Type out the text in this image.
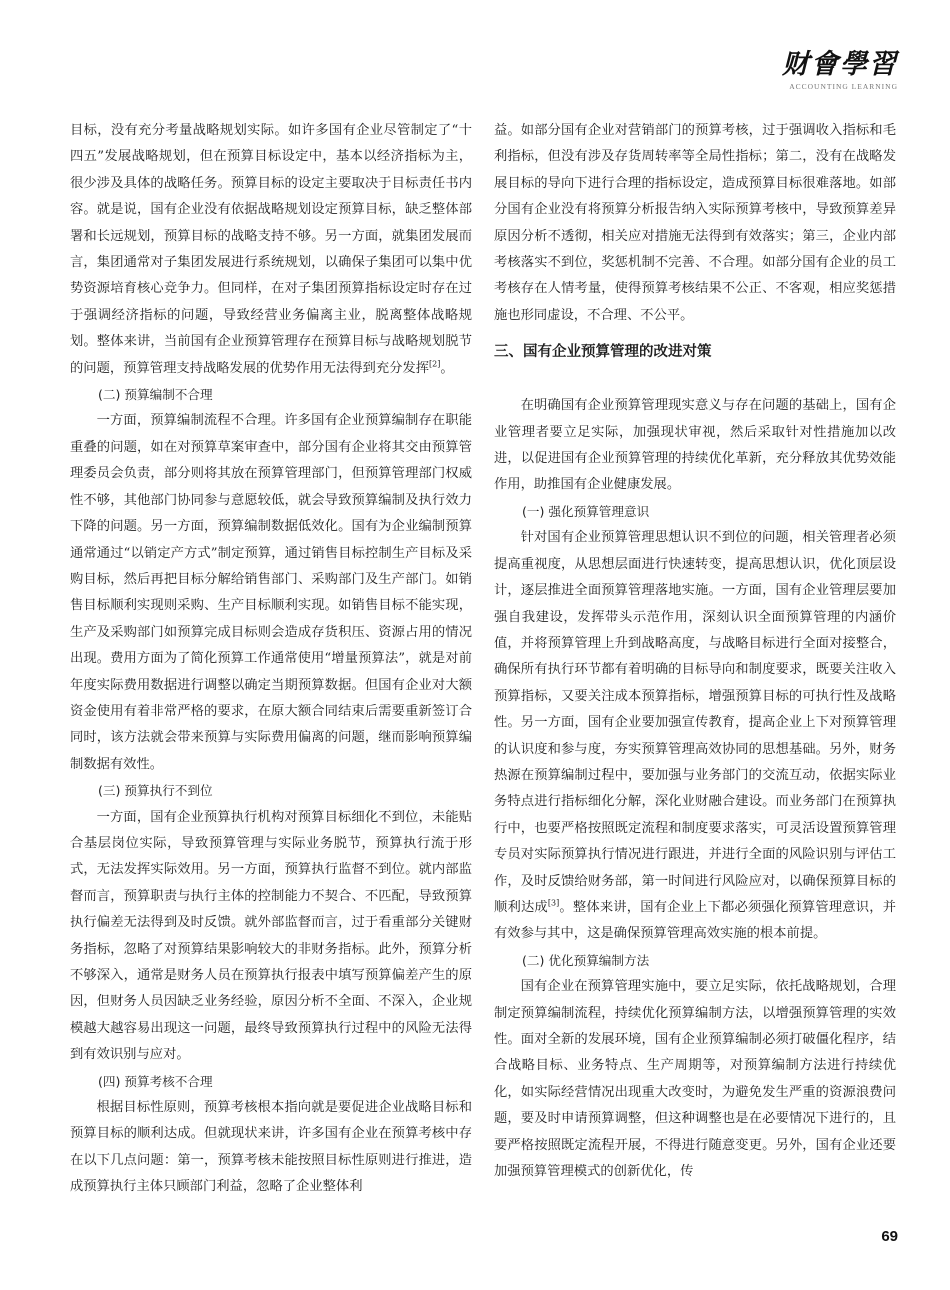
财會學習
ACCOUNTING LEARNING

目标，没有充分考量战略规划实际。如许多国有企业尽管制定了“十四五”发展战略规划，但在预算目标设定中，基本以经济指标为主，很少涉及具体的战略任务。预算目标的设定主要取决于目标责任书内容。就是说，国有企业没有依据战略规划设定预算目标，缺乏整体部署和长远规划，预算目标的战略支持不够。另一方面，就集团发展而言，集团通常对子集团发展进行系统规划，以确保子集团可以集中优势资源培育核心竞争力。但同样，在对子集团预算指标设定时存在过于强调经济指标的问题，导致经营业务偏离主业，脱离整体战略规划。整体来讲，当前国有企业预算管理存在预算目标与战略规划脱节的问题，预算管理支持战略发展的优势作用无法得到充分发挥[2]。

(二) 预算编制不合理

一方面，预算编制流程不合理。许多国有企业预算编制存在职能重叠的问题，如在对预算草案审查中，部分国有企业将其交由预算管理委员会负责，部分则将其放在预算管理部门，但预算管理部门权威性不够，其他部门协同参与意愿较低，就会导致预算编制及执行效力下降的问题。另一方面，预算编制数据低效化。国有为企业编制预算通常通过“以销定产方式”制定预算，通过销售目标控制生产目标及采购目标，然后再把目标分解给销售部门、采购部门及生产部门。如销售目标顺利实现则采购、生产目标顺利实现。如销售目标不能实现，生产及采购部门如预算完成目标则会造成存货积压、资源占用的情况出现。费用方面为了简化预算工作通常使用“增量预算法”，就是对前年度实际费用数据进行调整以确定当期预算数据。但国有企业对大额资金使用有着非常严格的要求，在原大额合同结束后需要重新签订合同时，该方法就会带来预算与实际费用偏离的问题，继而影响预算编制数据有效性。

(三) 预算执行不到位

一方面，国有企业预算执行机构对预算目标细化不到位，未能贴合基层岗位实际，导致预算管理与实际业务脱节，预算执行流于形式，无法发挥实际效用。另一方面，预算执行监督不到位。就内部监督而言，预算职责与执行主体的控制能力不契合、不匹配，导致预算执行偏差无法得到及时反馈。就外部监督而言，过于看重部分关键财务指标，忽略了对预算结果影响较大的非财务指标。此外，预算分析不够深入，通常是财务人员在预算执行报表中填写预算偏差产生的原因，但财务人员因缺乏业务经验，原因分析不全面、不深入，企业规模越大越容易出现这一问题，最终导致预算执行过程中的风险无法得到有效识别与应对。

(四) 预算考核不合理

根据目标性原则，预算考核根本指向就是要促进企业战略目标和预算目标的顺利达成。但就现状来讲，许多国有企业在预算考核中存在以下几点问题：第一，预算考核未能按照目标性原则进行推进，造成预算执行主体只顾部门利益，忽略了企业整体利

益。如部分国有企业对营销部门的预算考核，过于强调收入指标和毛利指标，但没有涉及存货周转率等全局性指标；第二，没有在战略发展目标的导向下进行合理的指标设定，造成预算目标很难落地。如部分国有企业没有将预算分析报告纳入实际预算考核中，导致预算差异原因分析不透彻，相关应对措施无法得到有效落实；第三，企业内部考核落实不到位，奖惩机制不完善、不合理。如部分国有企业的员工考核存在人情考量，使得预算考核结果不公正、不客观，相应奖惩措施也形同虚设，不合理、不公平。

三、国有企业预算管理的改进对策

在明确国有企业预算管理现实意义与存在问题的基础上，国有企业管理者要立足实际，加强现状审视，然后采取针对性措施加以改进，以促进国有企业预算管理的持续优化革新，充分释放其优势效能作用，助推国有企业健康发展。

(一) 强化预算管理意识

针对国有企业预算管理思想认识不到位的问题，相关管理者必须提高重视度，从思想层面进行快速转变，提高思想认识，优化顶层设计，逐层推进全面预算管理落地实施。一方面，国有企业管理层要加强自我建设，发挥带头示范作用，深刻认识全面预算管理的内涵价值，并将预算管理上升到战略高度，与战略目标进行全面对接整合，确保所有执行环节都有着明确的目标导向和制度要求，既要关注收入预算指标，又要关注成本预算指标，增强预算目标的可执行性及战略性。另一方面，国有企业要加强宣传教育，提高企业上下对预算管理的认识度和参与度，夯实预算管理高效协同的思想基础。另外，财务热源在预算编制过程中，要加强与业务部门的交流互动，依据实际业务特点进行指标细化分解，深化业财融合建设。而业务部门在预算执行中，也要严格按照既定流程和制度要求落实，可灵活设置预算管理专员对实际预算执行情况进行跟进，并进行全面的风险识别与评估工作，及时反馈给财务部，第一时间进行风险应对，以确保预算目标的顺利达成[3]。整体来讲，国有企业上下都必须强化预算管理意识，并有效参与其中，这是确保预算管理高效实施的根本前提。

(二) 优化预算编制方法

国有企业在预算管理实施中，要立足实际，依托战略规划，合理制定预算编制流程，持续优化预算编制方法，以增强预算管理的实效性。面对全新的发展环境，国有企业预算编制必须打破僵化程序，结合战略目标、业务特点、生产周期等，对预算编制方法进行持续优化，如实际经营情况出现重大改变时，为避免发生严重的资源浪费问题，要及时申请预算调整，但这种调整也是在必要情况下进行的，且要严格按照既定流程开展，不得进行随意变更。另外，国有企业还要加强预算管理模式的创新优化，传

69
